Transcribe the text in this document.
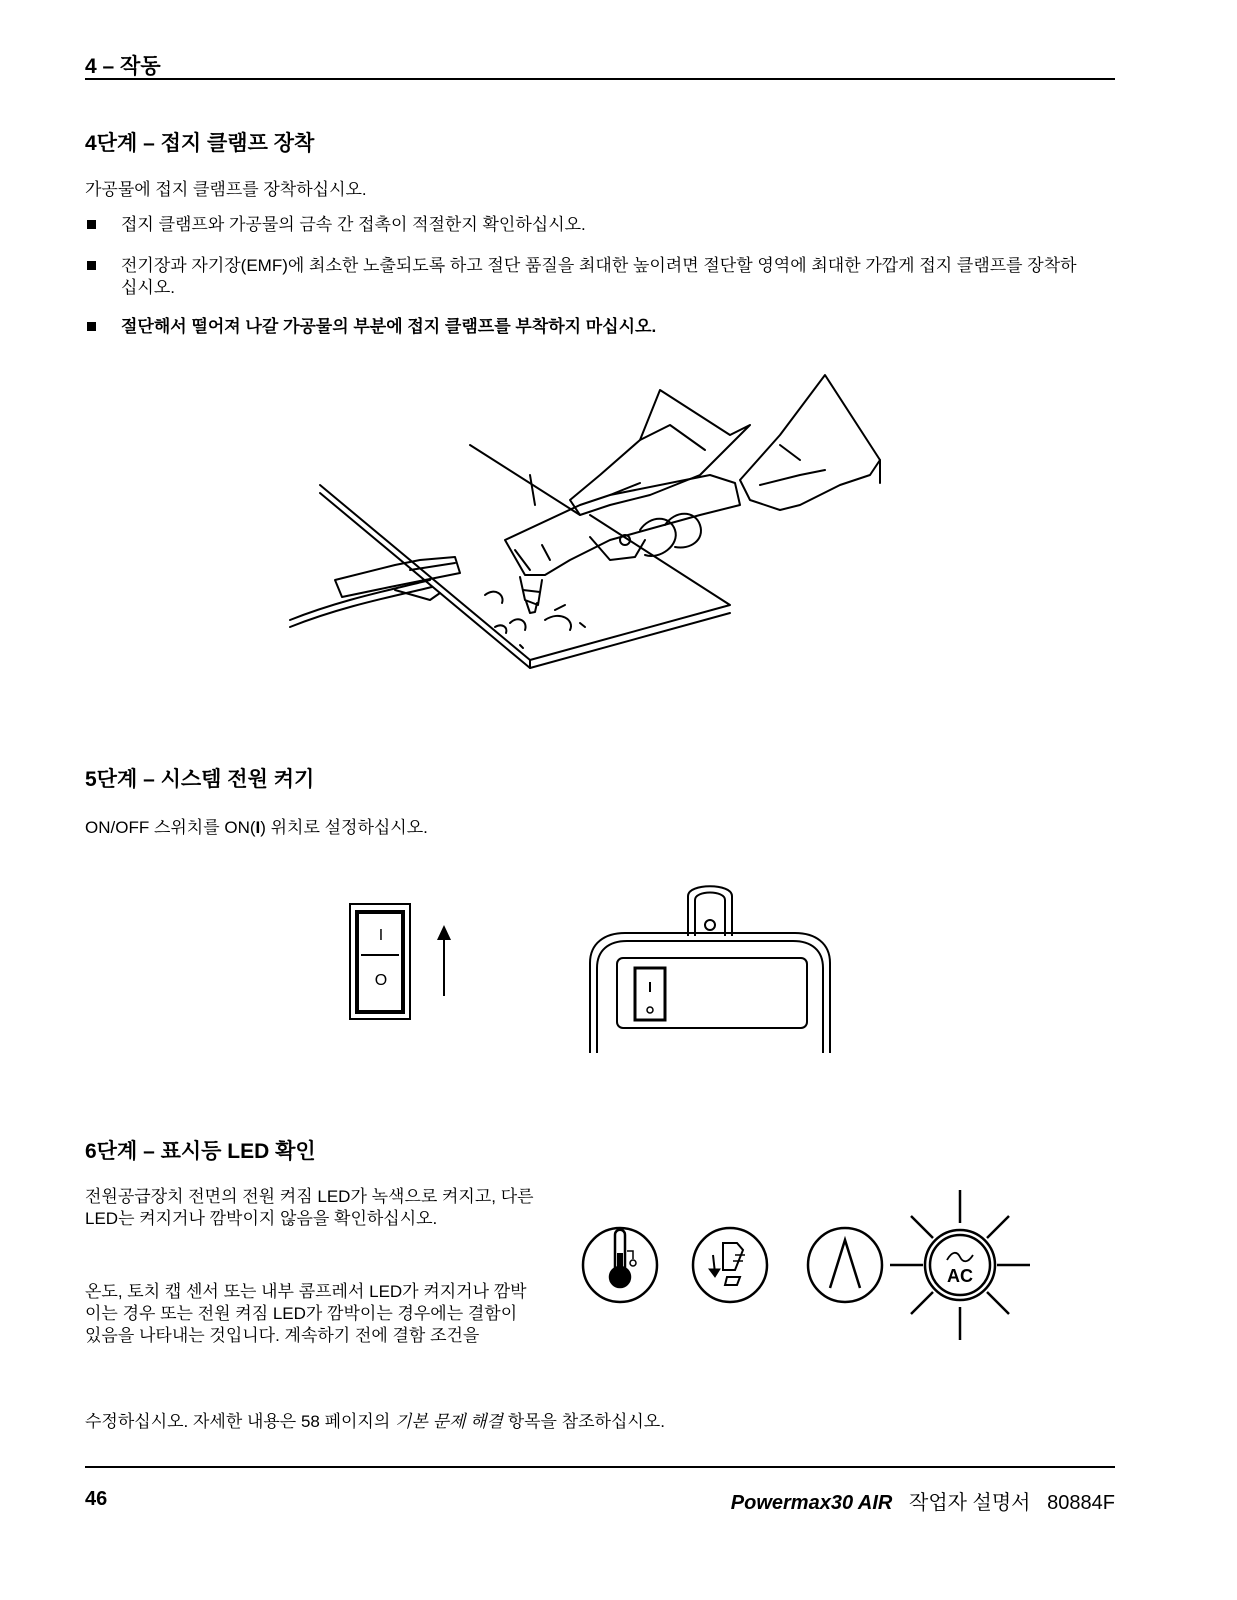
4 – 작동
4단계 – 접지 클램프 장착
가공물에 접지 클램프를 장착하십시오.
접지 클램프와 가공물의 금속 간 접촉이 적절한지 확인하십시오.
전기장과 자기장(EMF)에 최소한 노출되도록 하고 절단 품질을 최대한 높이려면 절단할 영역에 최대한 가깝게 접지 클램프를 장착하십시오.
절단해서 떨어져 나갈 가공물의 부분에 접지 클램프를 부착하지 마십시오.
5단계 – 시스템 전원 켜기
ON/OFF 스위치를 ON(I) 위치로 설정하십시오.
I
O
6단계 – 표시등 LED 확인
전원공급장치 전면의 전원 켜짐 LED가 녹색으로 켜지고, 다른 LED는 켜지거나 깜박이지 않음을 확인하십시오.
온도, 토치 캡 센서 또는 내부 콤프레서 LED가 켜지거나 깜박이는 경우 또는 전원 켜짐 LED가 깜박이는 경우에는 결함이 있음을 나타내는 것입니다. 계속하기 전에 결함 조건을
수정하십시오. 자세한 내용은 58 페이지의 기본 문제 해결 항목을 참조하십시오.
AC
46	Powermax30 AIR 작업자 설명서 80884F
